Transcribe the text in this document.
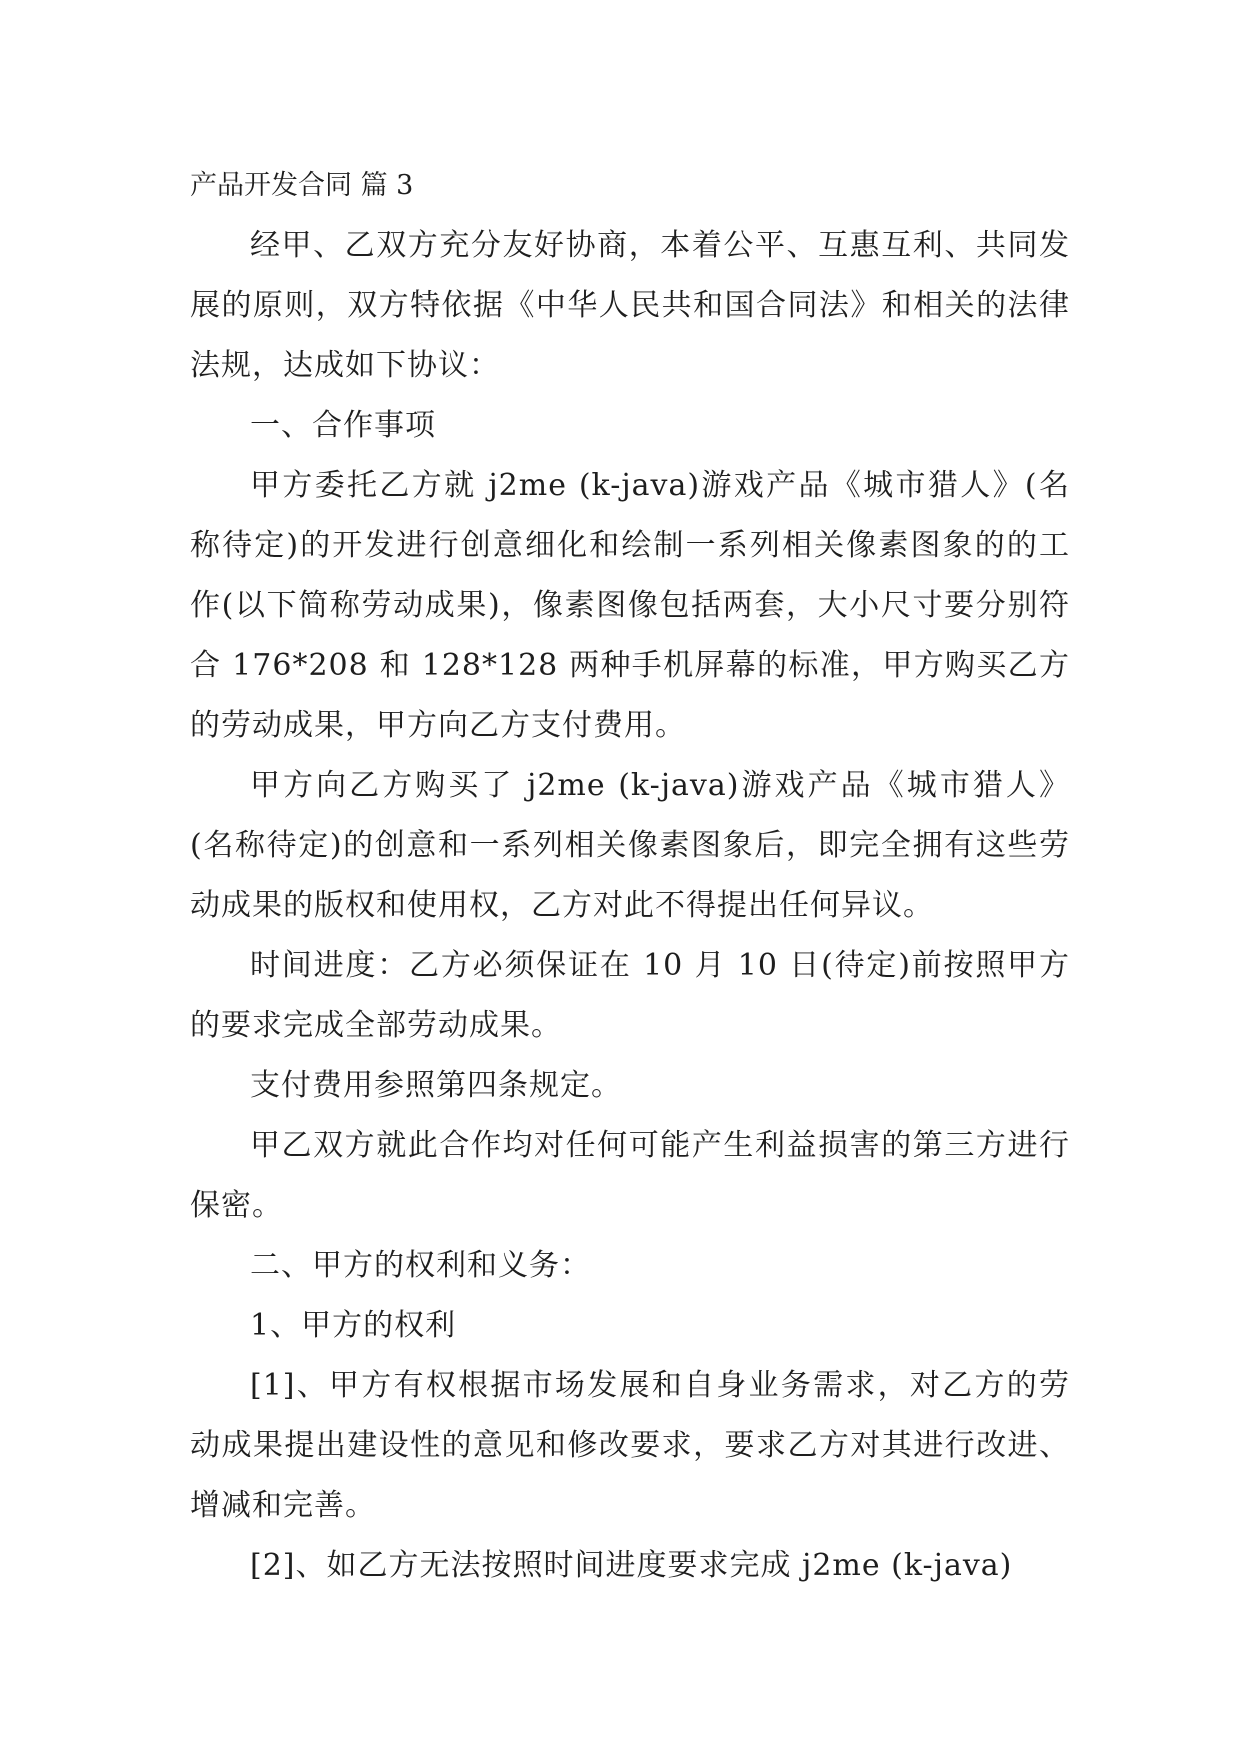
产品开发合同 篇 3

经甲、乙双方充分友好协商，本着公平、互惠互利、共同发展的原则，双方特依据《中华人民共和国合同法》和相关的法律法规，达成如下协议：

一、合作事项

甲方委托乙方就 j2me (k-java)游戏产品《城市猎人》(名称待定)的开发进行创意细化和绘制一系列相关像素图象的的工作(以下简称劳动成果)，像素图像包括两套，大小尺寸要分别符合 176*208 和 128*128 两种手机屏幕的标准，甲方购买乙方的劳动成果，甲方向乙方支付费用。

甲方向乙方购买了 j2me (k-java)游戏产品《城市猎人》(名称待定)的创意和一系列相关像素图象后，即完全拥有这些劳动成果的版权和使用权，乙方对此不得提出任何异议。

时间进度：乙方必须保证在 10 月 10 日(待定)前按照甲方的要求完成全部劳动成果。

支付费用参照第四条规定。

甲乙双方就此合作均对任何可能产生利益损害的第三方进行保密。

二、甲方的权利和义务：

1、甲方的权利

[1]、甲方有权根据市场发展和自身业务需求，对乙方的劳动成果提出建设性的意见和修改要求，要求乙方对其进行改进、增减和完善。

[2]、如乙方无法按照时间进度要求完成 j2me (k-java)
